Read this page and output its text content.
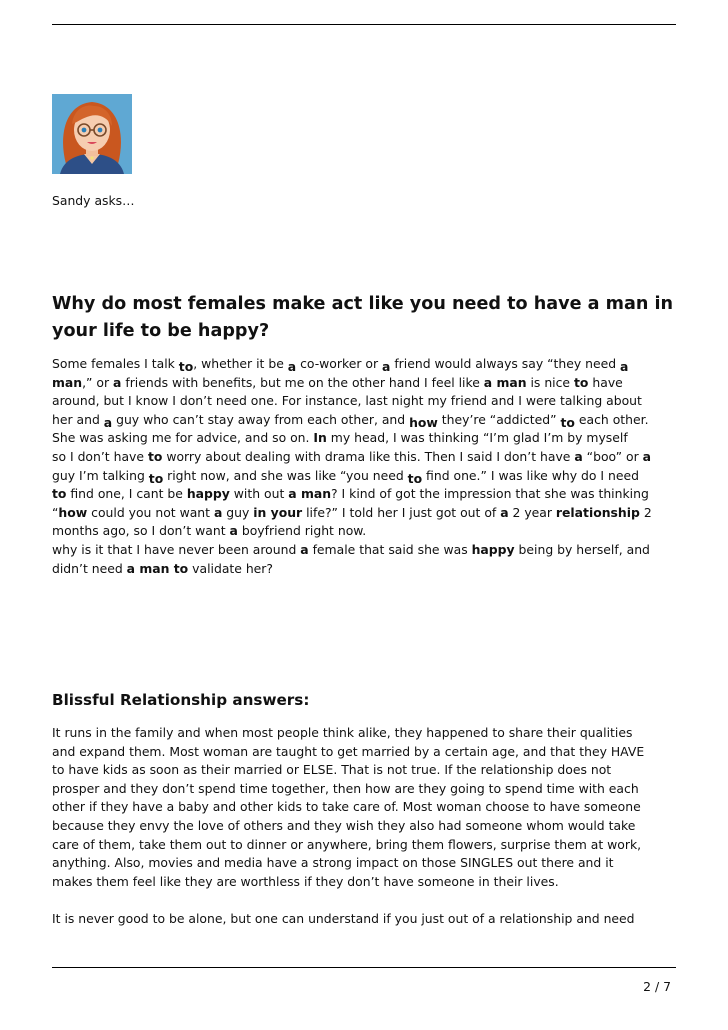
Sandy asks…
Why do most females make act like you need to have a man in your life to be happy?
Some females I talk to, whether it be a co-worker or a friend would always say “they need a
man,” or a friends with benefits, but me on the other hand I feel like a man is nice to have
around, but I know I don’t need one. For instance, last night my friend and I were talking about
her and a guy who can’t stay away from each other, and how they’re “addicted” to each other.
She was asking me for advice, and so on. In my head, I was thinking “I’m glad I’m by myself
so I don’t have to worry about dealing with drama like this. Then I said I don’t have a “boo” or a
guy I’m talking to right now, and she was like “you need to find one.” I was like why do I need
to find one, I cant be happy with out a man? I kind of got the impression that she was thinking
“how could you not want a guy in your life?” I told her I just got out of a 2 year relationship 2
months ago, so I don’t want a boyfriend right now.
why is it that I have never been around a female that said she was happy being by herself, and
didn’t need a man to validate her?
Blissful Relationship answers:
It runs in the family and when most people think alike, they happened to share their qualities
and expand them. Most woman are taught to get married by a certain age, and that they HAVE
to have kids as soon as their married or ELSE. That is not true. If the relationship does not
prosper and they don’t spend time together, then how are they going to spend time with each
other if they have a baby and other kids to take care of. Most woman choose to have someone
because they envy the love of others and they wish they also had someone whom would take
care of them, take them out to dinner or anywhere, bring them flowers, surprise them at work,
anything. Also, movies and media have a strong impact on those SINGLES out there and it
makes them feel like they are worthless if they don’t have someone in their lives.
It is never good to be alone, but one can understand if you just out of a relationship and need
2 / 7
